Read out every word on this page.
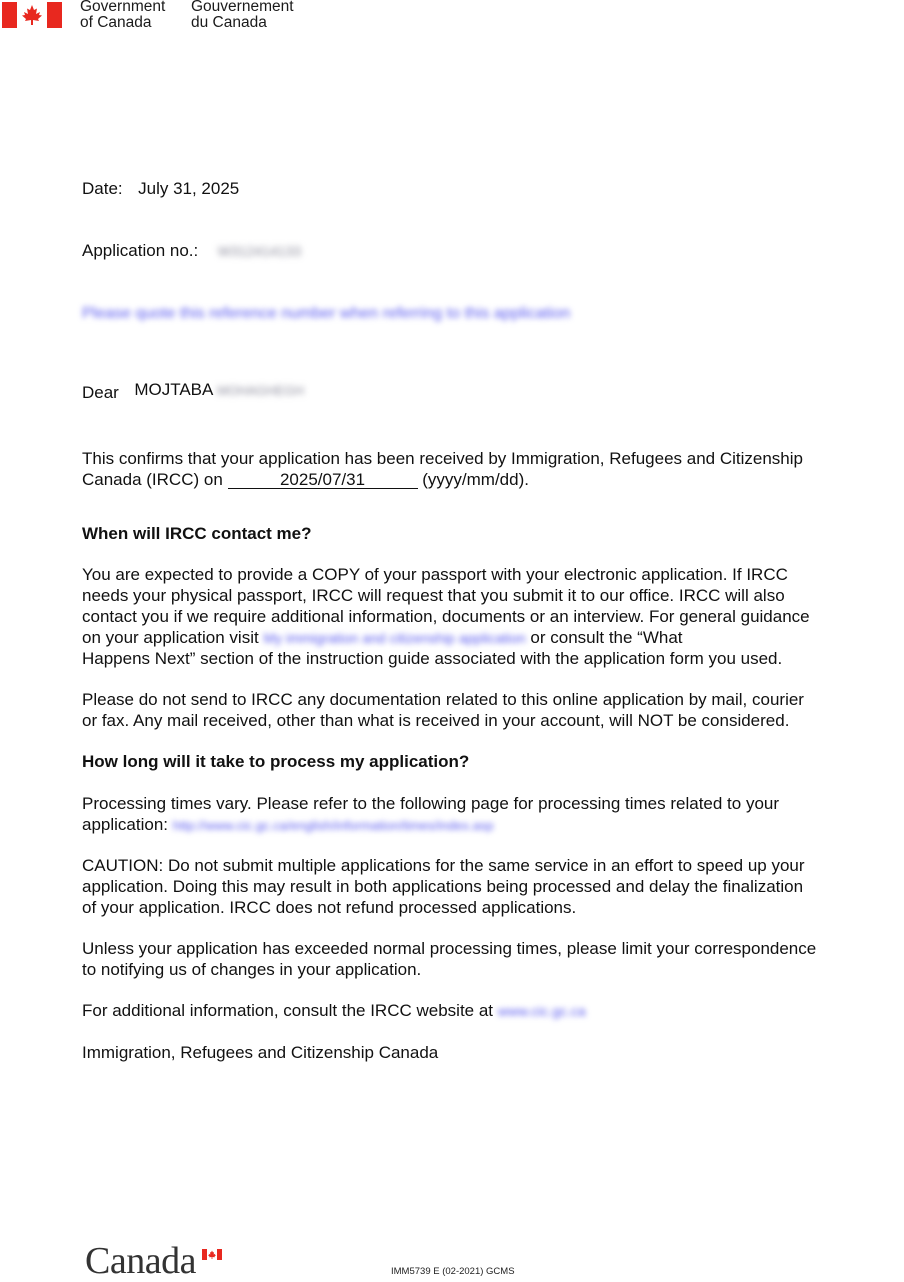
Government
of Canada
Gouvernement
du Canada
Date: July 31, 2025
Application no.: W312414133
Please quote this reference number when referring to this application
Dear MOJTABA MOHAGHEGH
This confirms that your application has been received by Immigration, Refugees and Citizenship
Canada (IRCC) on	2025/07/31	(yyyy/mm/dd).
When will IRCC contact me?
You are expected to provide a COPY of your passport with your electronic application. If IRCC
needs your physical passport, IRCC will request that you submit it to our office. IRCC will also
contact you if we require additional information, documents or an interview. For general guidance
on your application visit My immigration and citizenship application or consult the “What
Happens Next” section of the instruction guide associated with the application form you used.
Please do not send to IRCC any documentation related to this online application by mail, courier
or fax. Any mail received, other than what is received in your account, will NOT be considered.
How long will it take to process my application?
Processing times vary. Please refer to the following page for processing times related to your
application: http://www.cic.gc.ca/english/information/times/index.asp
CAUTION: Do not submit multiple applications for the same service in an effort to speed up your
application. Doing this may result in both applications being processed and delay the finalization
of your application. IRCC does not refund processed applications.
Unless your application has exceeded normal processing times, please limit your correspondence
to notifying us of changes in your application.
For additional information, consult the IRCC website at www.cic.gc.ca
Immigration, Refugees and Citizenship Canada
Canada	IMM5739 E (02-2021) GCMS
